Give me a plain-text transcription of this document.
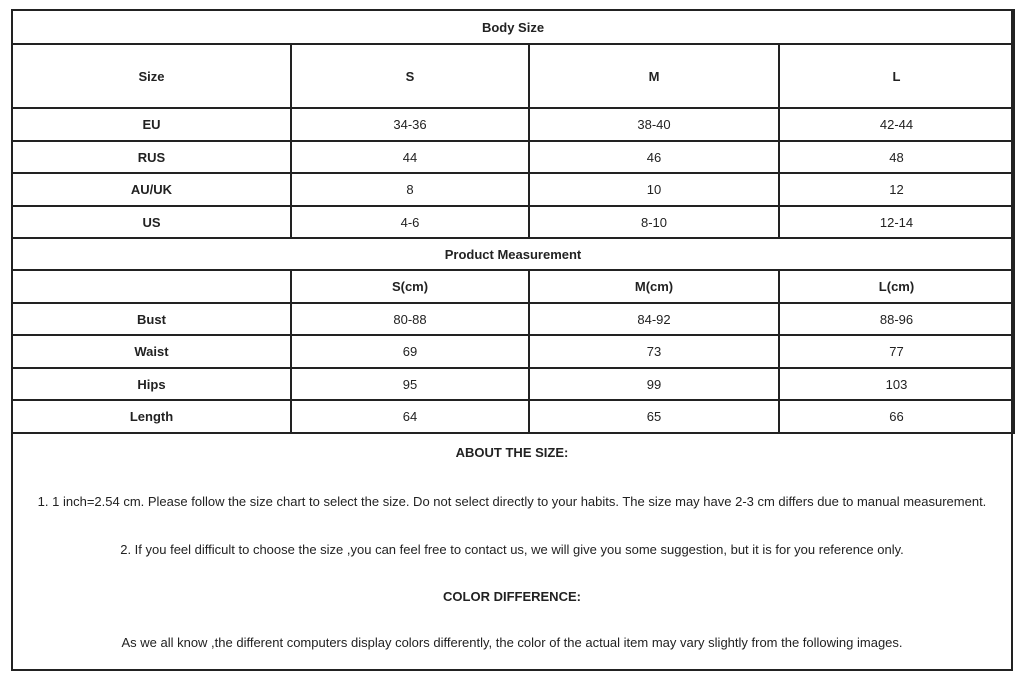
Body Size			
Size	S	M	L
EU	34-36	38-40	42-44
RUS	44	46	48
AU/UK	8	10	12
US	4-6	8-10	12-14
Product Measurement			
	S(cm)	M(cm)	L(cm)
Bust	80-88	84-92	88-96
Waist	69	73	77
Hips	95	99	103
Length	64	65	66
ABOUT THE SIZE:
1. 1 inch=2.54 cm. Please follow the size chart to select the size. Do not select directly to your habits. The size may have 2-3 cm differs due to manual measurement.
2. If you feel difficult to choose the size ,you can feel free to contact us, we will give you some suggestion, but it is for you reference only.
COLOR DIFFERENCE:
As we all know ,the different computers display colors differently, the color of the actual item may vary slightly from the following images.
